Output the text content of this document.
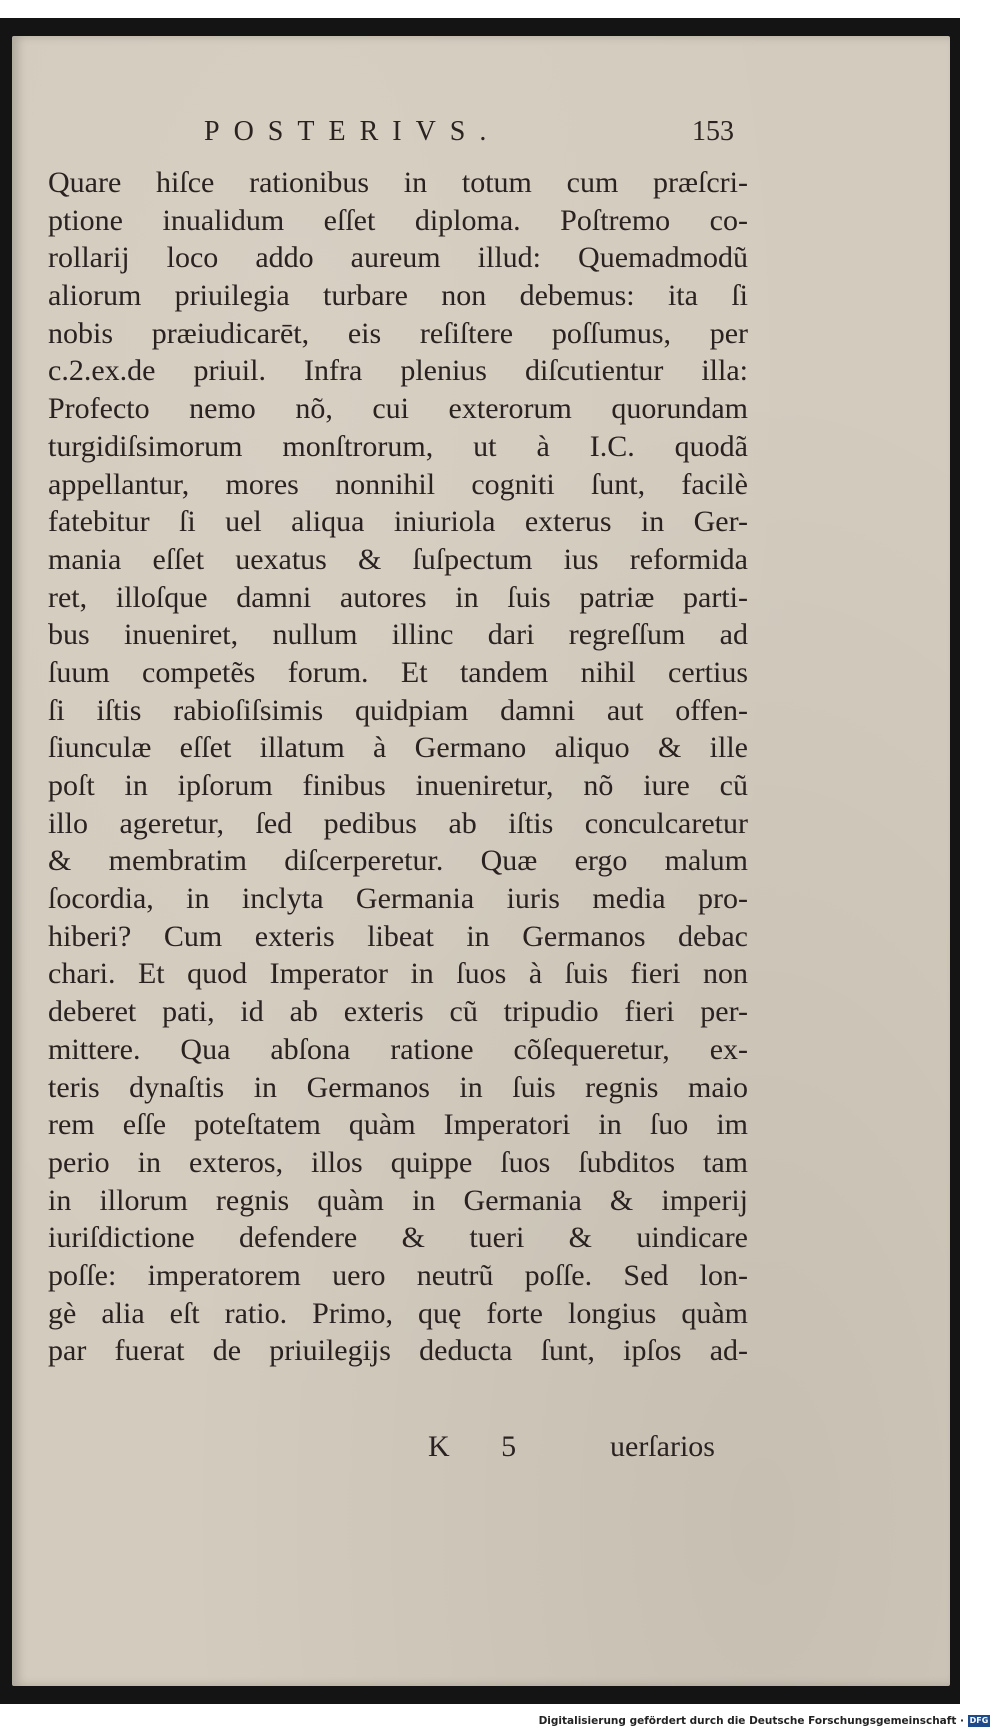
POSTERIVS.	153
Quare hiſce rationibus in totum cum præſcri-
ptione inualidum eſſet diploma. Poſtremo co-
rollarij loco addo aureum illud: Quemadmodũ
aliorum priuilegia turbare non debemus: ita ſi
nobis præiudicarēt, eis reſiſtere poſſumus, per
c.2.ex.de priuil. Infra plenius diſcutientur illa:
Profecto nemo nõ, cui exterorum quorundam
turgidiſsimorum monſtrorum, ut à I.C. quodã
appellantur, mores nonnihil cogniti ſunt, facilè
fatebitur ſi uel aliqua iniuriola exterus in Ger-
mania eſſet uexatus & ſuſpectum ius reformida
ret, illoſque damni autores in ſuis patriæ parti-
bus inueniret, nullum illinc dari regreſſum ad
ſuum competẽs forum. Et tandem nihil certius
ſi iſtis rabioſiſsimis quidpiam damni aut offen-
ſiunculæ eſſet illatum à Germano aliquo & ille
poſt in ipſorum finibus inueniretur, nõ iure cũ
illo ageretur, ſed pedibus ab iſtis conculcaretur
& membratim diſcerperetur. Quæ ergo malum
ſocordia, in inclyta Germania iuris media pro-
hiberi? Cum exteris libeat in Germanos debac
chari. Et quod Imperator in ſuos à ſuis fieri non
deberet pati, id ab exteris cũ tripudio fieri per-
mittere. Qua abſona ratione cõſequeretur, ex-
teris dynaſtis in Germanos in ſuis regnis maio
rem eſſe poteſtatem quàm Imperatori in ſuo im
perio in exteros, illos quippe ſuos ſubditos tam
in illorum regnis quàm in Germania & imperij
iuriſdictione defendere & tueri & uindicare
poſſe: imperatorem uero neutrũ poſſe. Sed lon-
gè alia eſt ratio. Primo, quę forte longius quàm
par fuerat de priuilegijs deducta ſunt, ipſos ad-
K 5 uerſarios
Digitalisierung gefördert durch die Deutsche Forschungsgemeinschaft · DFG
